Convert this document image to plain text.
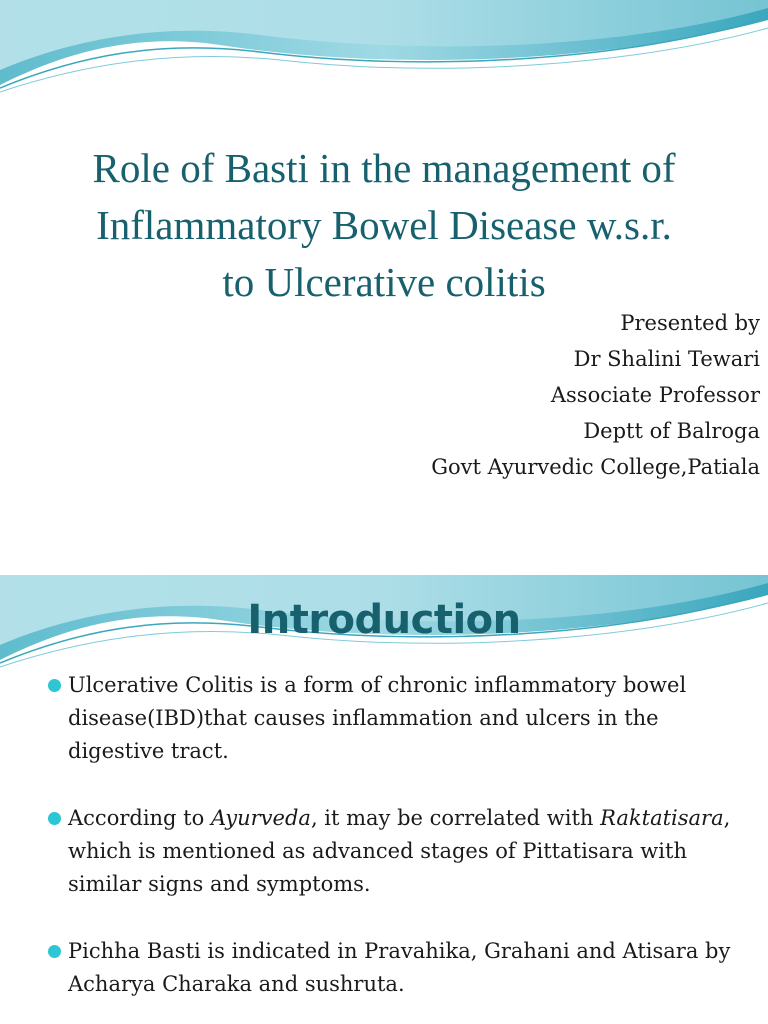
Role of Basti in the management of
Inflammatory Bowel Disease w.s.r.
to Ulcerative colitis
Presented by
Dr Shalini Tewari
Associate Professor
Deptt of Balroga
Govt Ayurvedic College,Patiala
Introduction
Ulcerative Colitis is a form of chronic inflammatory bowel disease(IBD)that causes inflammation and ulcers in the digestive tract.
According to Ayurveda, it may be correlated with Raktatisara, which is mentioned as advanced stages of Pittatisara with similar signs and symptoms.
Pichha Basti is indicated in Pravahika, Grahani and Atisara by Acharya Charaka and sushruta.
